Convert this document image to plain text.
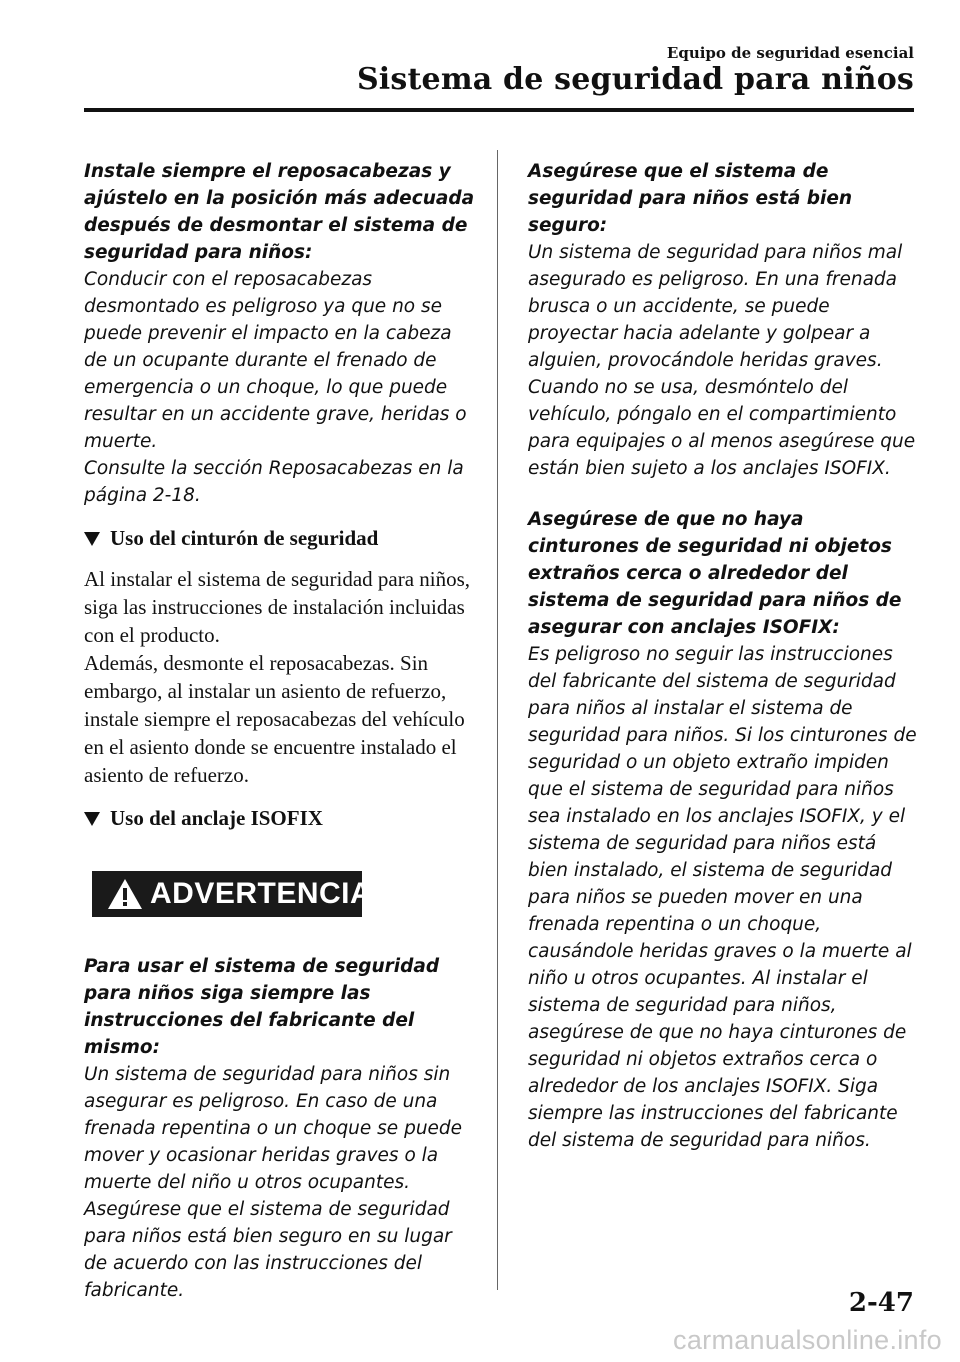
Equipo de seguridad esencial
Sistema de seguridad para niños

Instale siempre el reposacabezas y ajústelo en la posición más adecuada después de desmontar el sistema de seguridad para niños:

Conducir con el reposacabezas desmontado es peligroso ya que no se puede prevenir el impacto en la cabeza de un ocupante durante el frenado de emergencia o un choque, lo que puede resultar en un accidente grave, heridas o muerte.

Consulte la sección Reposacabezas en la página 2-18.

Uso del cinturón de seguridad

Al instalar el sistema de seguridad para niños, siga las instrucciones de instalación incluidas con el producto.

Además, desmonte el reposacabezas. Sin embargo, al instalar un asiento de refuerzo, instale siempre el reposacabezas del vehículo en el asiento donde se encuentre instalado el asiento de refuerzo.

Uso del anclaje ISOFIX
ADVERTENCIA

Para usar el sistema de seguridad para niños siga siempre las instrucciones del fabricante del mismo:

Un sistema de seguridad para niños sin asegurar es peligroso. En caso de una frenada repentina o un choque se puede mover y ocasionar heridas graves o la muerte del niño u otros ocupantes. Asegúrese que el sistema de seguridad para niños está bien seguro en su lugar de acuerdo con las instrucciones del fabricante.

Asegúrese que el sistema de seguridad para niños está bien seguro:

Un sistema de seguridad para niños mal asegurado es peligroso. En una frenada brusca o un accidente, se puede proyectar hacia adelante y golpear a alguien, provocándole heridas graves. Cuando no se usa, desmóntelo del vehículo, póngalo en el compartimiento para equipajes o al menos asegúrese que están bien sujeto a los anclajes ISOFIX.

Asegúrese de que no haya cinturones de seguridad ni objetos extraños cerca o alrededor del sistema de seguridad para niños de asegurar con anclajes ISOFIX:

Es peligroso no seguir las instrucciones del fabricante del sistema de seguridad para niños al instalar el sistema de seguridad para niños. Si los cinturones de seguridad o un objeto extraño impiden que el sistema de seguridad para niños sea instalado en los anclajes ISOFIX, y el sistema de seguridad para niños está bien instalado, el sistema de seguridad para niños se pueden mover en una frenada repentina o un choque, causándole heridas graves o la muerte al niño u otros ocupantes. Al instalar el sistema de seguridad para niños, asegúrese de que no haya cinturones de seguridad ni objetos extraños cerca o alrededor de los anclajes ISOFIX. Siga siempre las instrucciones del fabricante del sistema de seguridad para niños.

2-47
carmanualsonline.info
